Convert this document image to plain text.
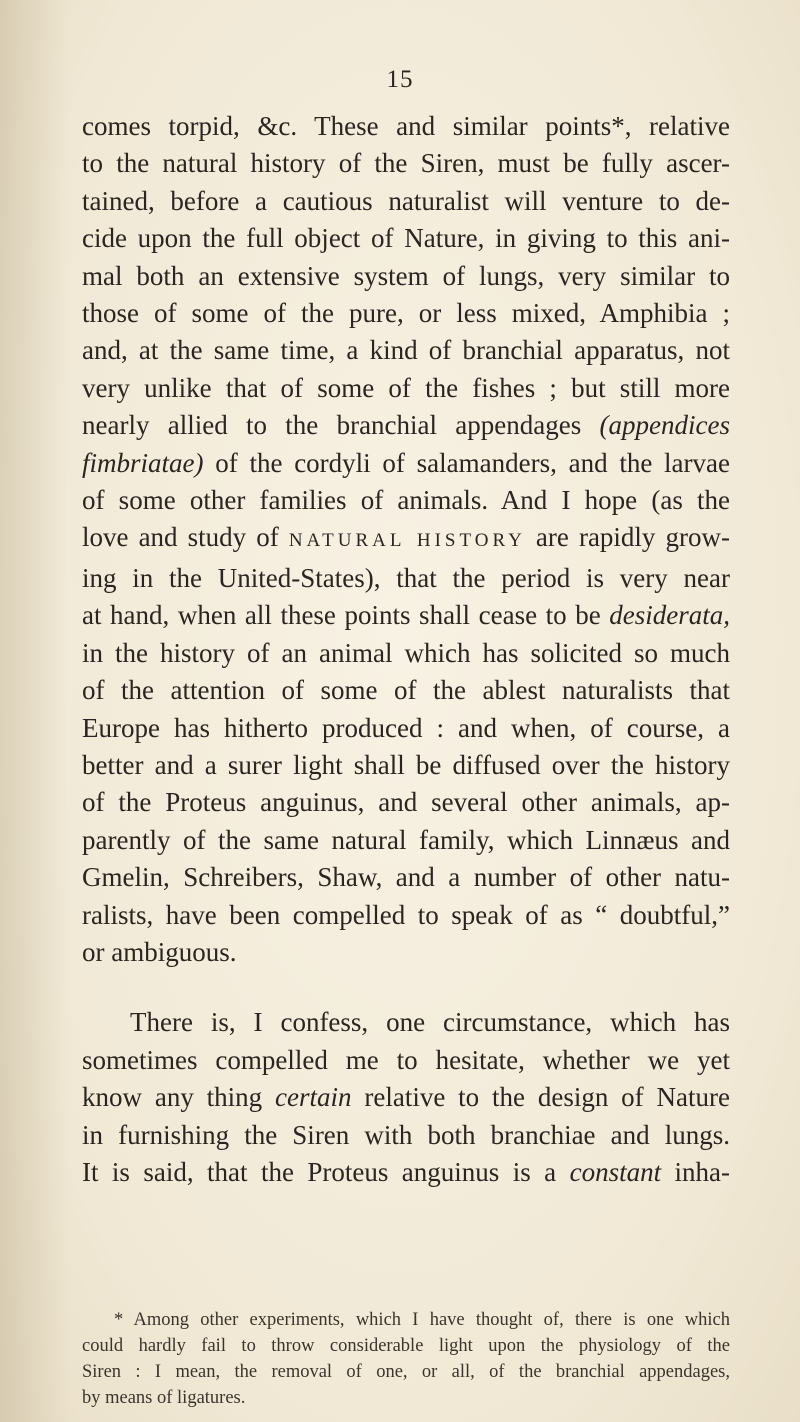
15
comes torpid, &c. These and similar points*, relative
to the natural history of the Siren, must be fully ascer-
tained, before a cautious naturalist will venture to de-
cide upon the full object of Nature, in giving to this ani-
mal both an extensive system of lungs, very similar to
those of some of the pure, or less mixed, Amphibia ;
and, at the same time, a kind of branchial apparatus, not
very unlike that of some of the fishes ; but still more
nearly allied to the branchial appendages (appendices
fimbriatae) of the cordyli of salamanders, and the larvae
of some other families of animals. And I hope (as the
love and study of NATURAL HISTORY are rapidly grow-
ing in the United-States), that the period is very near
at hand, when all these points shall cease to be desiderata,
in the history of an animal which has solicited so much
of the attention of some of the ablest naturalists that
Europe has hitherto produced : and when, of course, a
better and a surer light shall be diffused over the history
of the Proteus anguinus, and several other animals, ap-
parently of the same natural family, which Linnæus and
Gmelin, Schreibers, Shaw, and a number of other natu-
ralists, have been compelled to speak of as “ doubtful,”
or ambiguous.
There is, I confess, one circumstance, which has
sometimes compelled me to hesitate, whether we yet
know any thing certain relative to the design of Nature
in furnishing the Siren with both branchiae and lungs.
It is said, that the Proteus anguinus is a constant inha-
* Among other experiments, which I have thought of, there is one which
could hardly fail to throw considerable light upon the physiology of the
Siren : I mean, the removal of one, or all, of the branchial appendages,
by means of ligatures.
